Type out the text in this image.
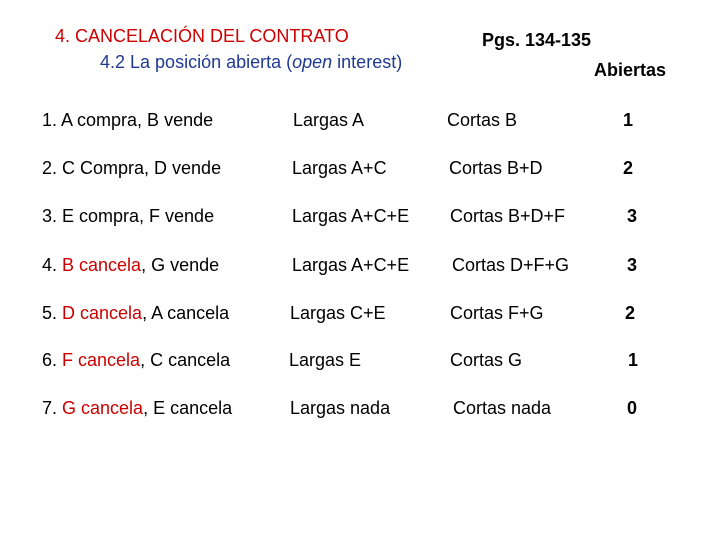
4. CANCELACIÓN DEL CONTRATO
4.2 La posición abierta (open interest)
Pgs. 134-135
Abiertas
1. A compra, B vende	Largas A	Cortas B	1
2. C Compra, D vende	Largas A+C	Cortas B+D	2
3. E compra, F vende	Largas A+C+E Cortas B+D+F	3
4. B cancela, G vende	Largas A+C+E Cortas D+F+G	3
5. D cancela, A cancela	Largas C+E	Cortas F+G	2
6. F cancela, C cancela	Largas E	Cortas G	1
7. G cancela, E cancela	Largas nada	Cortas nada	0
